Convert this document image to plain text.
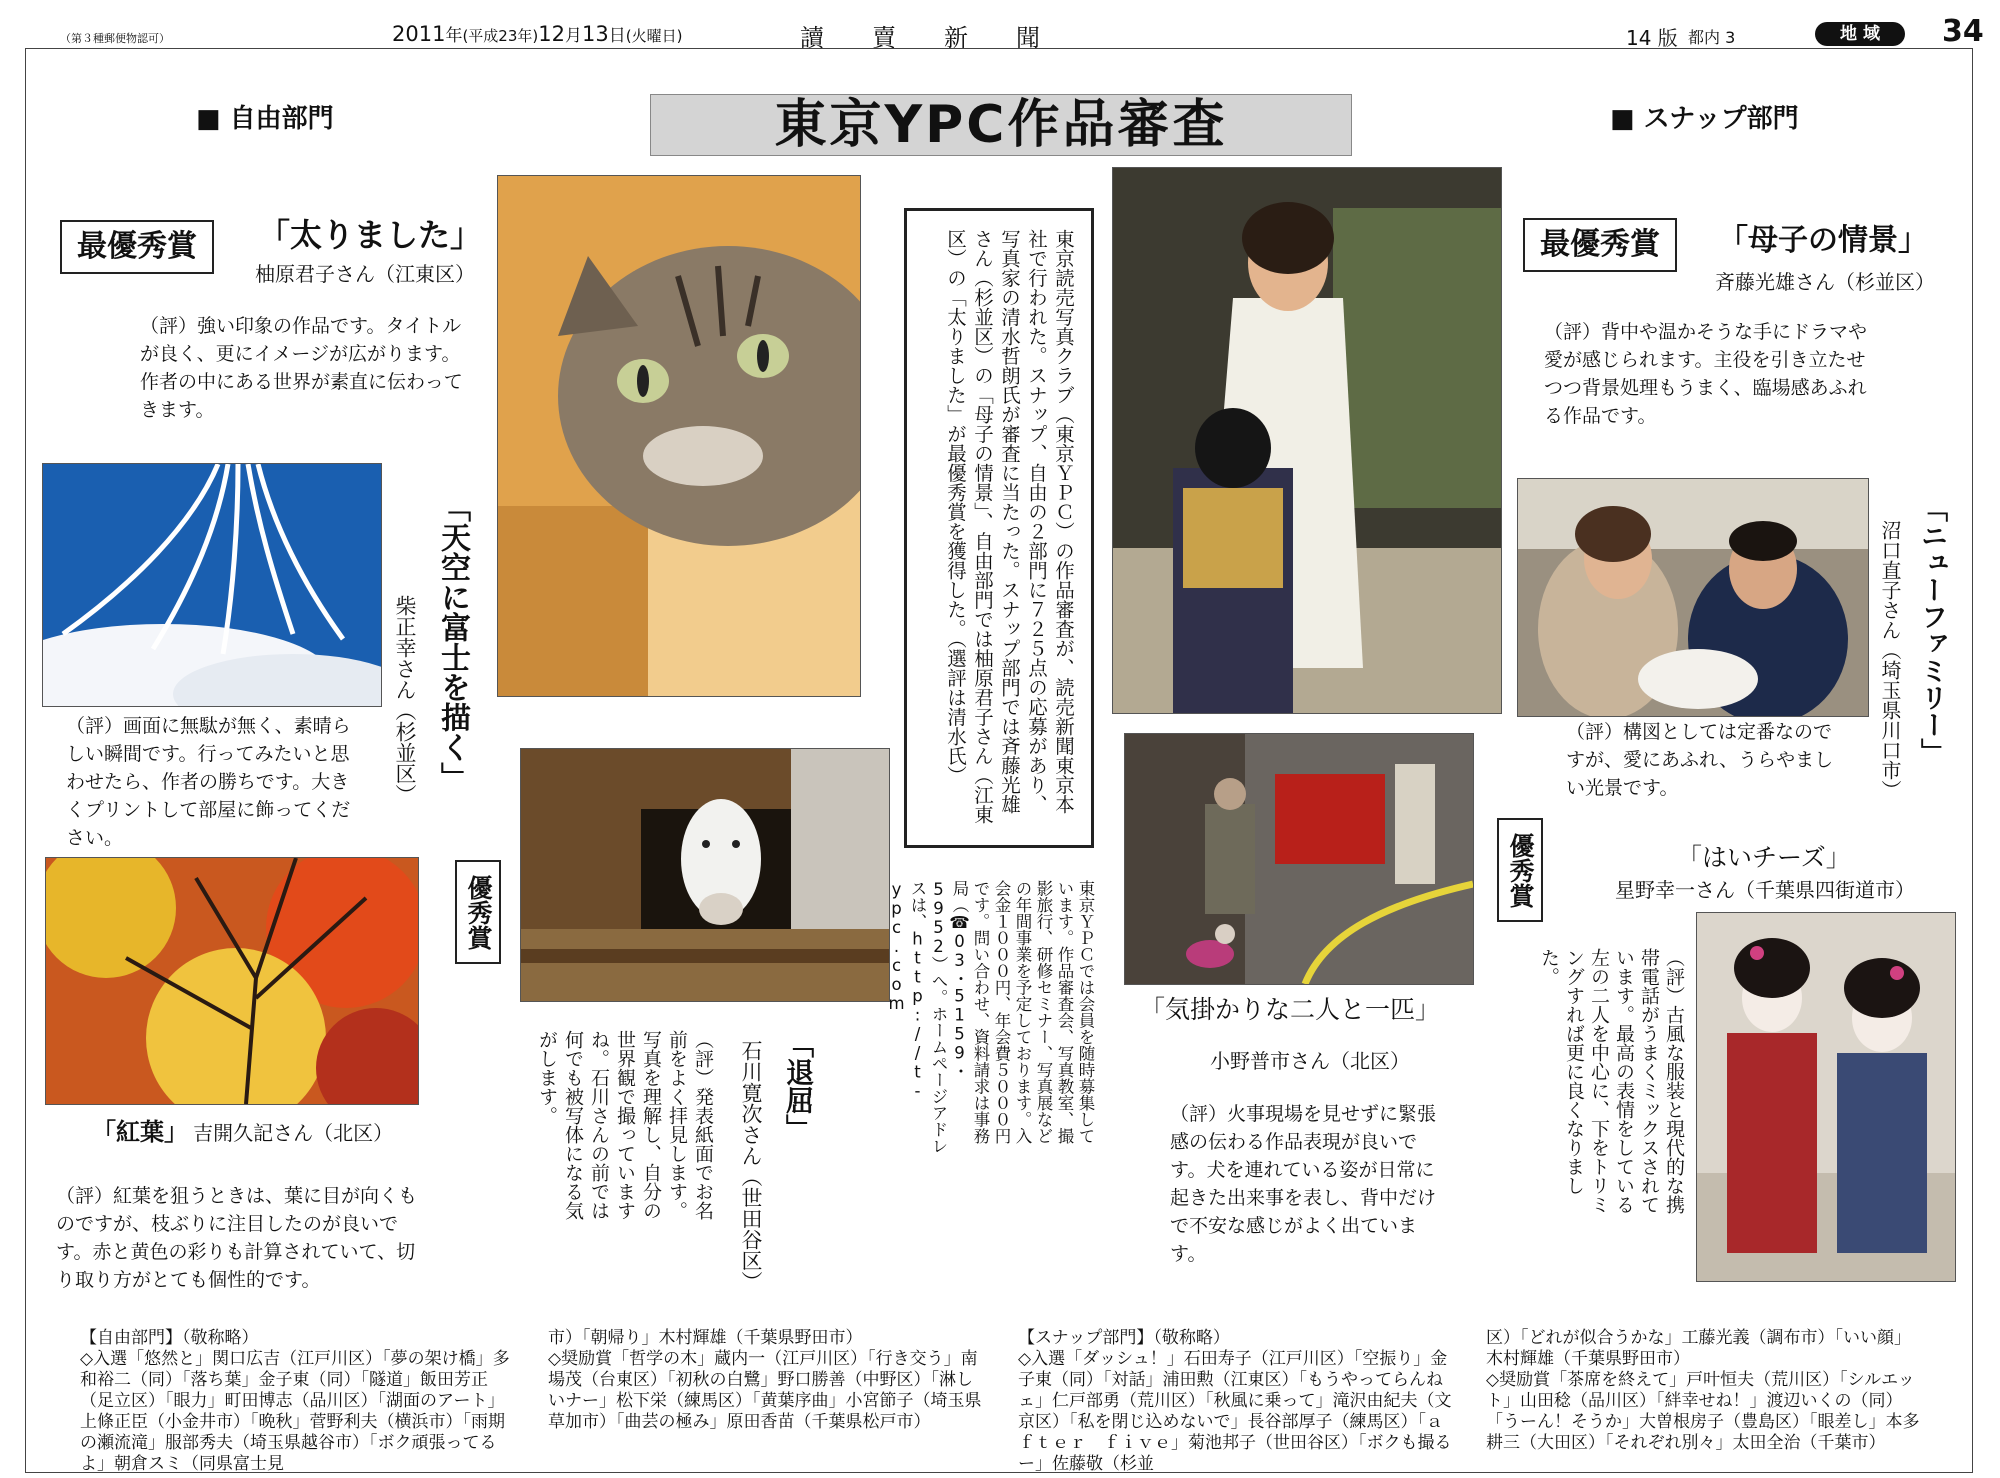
（第３種郵便物認可）	2011年(平成23年)12月13日(火曜日)	讀　賣　新　聞	14 版 都内 3	地 域	34
■ 自由部門	東京YPC作品審査	■ スナップ部門
最優秀賞	「太りました」
柚原君子さん（江東区）
（評）強い印象の作品です。タイトルが良く、更にイメージが広がります。作者の中にある世界が素直に伝わってきます。	東京読売写真クラブ（東京ＹＰＣ）の作品審査が、読売新聞東京本社で行われた。スナップ、自由の２部門に７２５点の応募があり、写真家の清水哲朗氏が審査に当たった。スナップ部門では斉藤光雄さん（杉並区）の「母子の情景」、自由部門では柚原君子さん（江東区）の「太りました」が最優秀賞を獲得した。（選評は清水氏）
「天空に富士を描く」
柴正幸さん（杉並区）
（評）画面に無駄が無く、素晴らしい瞬間です。行ってみたいと思わせたら、作者の勝ちです。大きくプリントして部屋に飾ってください。
「紅葉」 吉開久記さん（北区）
（評）紅葉を狙うときは、葉に目が向くものですが、枝ぶりに注目したのが良いです。赤と黄色の彩りも計算されていて、切り取り方がとても個性的です。
優秀賞
「退屈」
石川寛次さん（世田谷区）
（評）発表紙面でお名前をよく拝見します。写真を理解し、自分の世界観で撮っていますね。石川さんの前では何でも被写体になる気がします。	東京ＹＰＣでは会員を随時募集しています。作品審査会、写真教室、撮影旅行、研修セミナー、写真展などの年間事業を予定しております。入会金１０００円、年会費５０００円です。問い合わせ、資料請求は事務局（☎03・5159・5952）へ。ホームページアドレスは、http://t-ypc.com	「気掛かりな二人と一匹」
小野普市さん（北区）
（評）火事現場を見せずに緊張感の伝わる作品表現が良いです。犬を連れている姿が日常に起きた出来事を表し、背中だけで不安な感じがよく出ています。
最優秀賞	「母子の情景」
斉藤光雄さん（杉並区）
（評）背中や温かそうな手にドラマや愛が感じられます。主役を引き立たせつつ背景処理もうまく、臨場感あふれる作品です。
「ニューファミリー」
沼口直子さん（埼玉県川口市）
（評）構図としては定番なのですが、愛にあふれ、うらやましい光景です。
優秀賞	「はいチーズ」
星野幸一さん（千葉県四街道市）
（評）古風な服装と現代的な携帯電話がうまくミックスされています。最高の表情をしている左の二人を中心に、下をトリミングすれば更に良くなりました。
【自由部門】（敬称略）
◇入選「悠然と」関口広吉（江戸川区）「夢の架け橋」多和裕二（同）「落ち葉」金子東（同）「隧道」飯田芳正（足立区）「眼力」町田博志（品川区）「湖面のアート」上條正臣（小金井市）「晩秋」菅野利夫（横浜市）「雨期の瀬流滝」服部秀夫（埼玉県越谷市）「ボク頑張ってるよ」朝倉スミ（同県富士見
市）「朝帰り」木村輝雄（千葉県野田市）
◇奨励賞「哲学の木」蔵内一（江戸川区）「行き交う」南場茂（台東区）「初秋の白鷺」野口勝善（中野区）「淋しいナー」松下栄（練馬区）「黄葉序曲」小宮節子（埼玉県草加市）「曲芸の極み」原田香苗（千葉県松戸市）
【スナップ部門】（敬称略）
◇入選「ダッシュ！」石田寿子（江戸川区）「空振り」金子東（同）「対話」浦田勲（江東区）「もうやってらんねェ」仁戸部勇（荒川区）「秋風に乗って」滝沢由紀夫（文京区）「私を閉じ込めないで」長谷部厚子（練馬区）「ａｆｔｅｒ　ｆｉｖｅ」菊池邦子（世田谷区）「ボクも撮るー」佐藤敬（杉並
区）「どれが似合うかな」工藤光義（調布市）「いい顔」木村輝雄（千葉県野田市）
◇奨励賞「茶席を終えて」戸叶恒夫（荒川区）「シルエット」山田稔（品川区）「絆幸せね！」渡辺いくの（同）「うーん！そうか」大曽根房子（豊島区）「眼差し」本多耕三（大田区）「それぞれ別々」太田全治（千葉市）
